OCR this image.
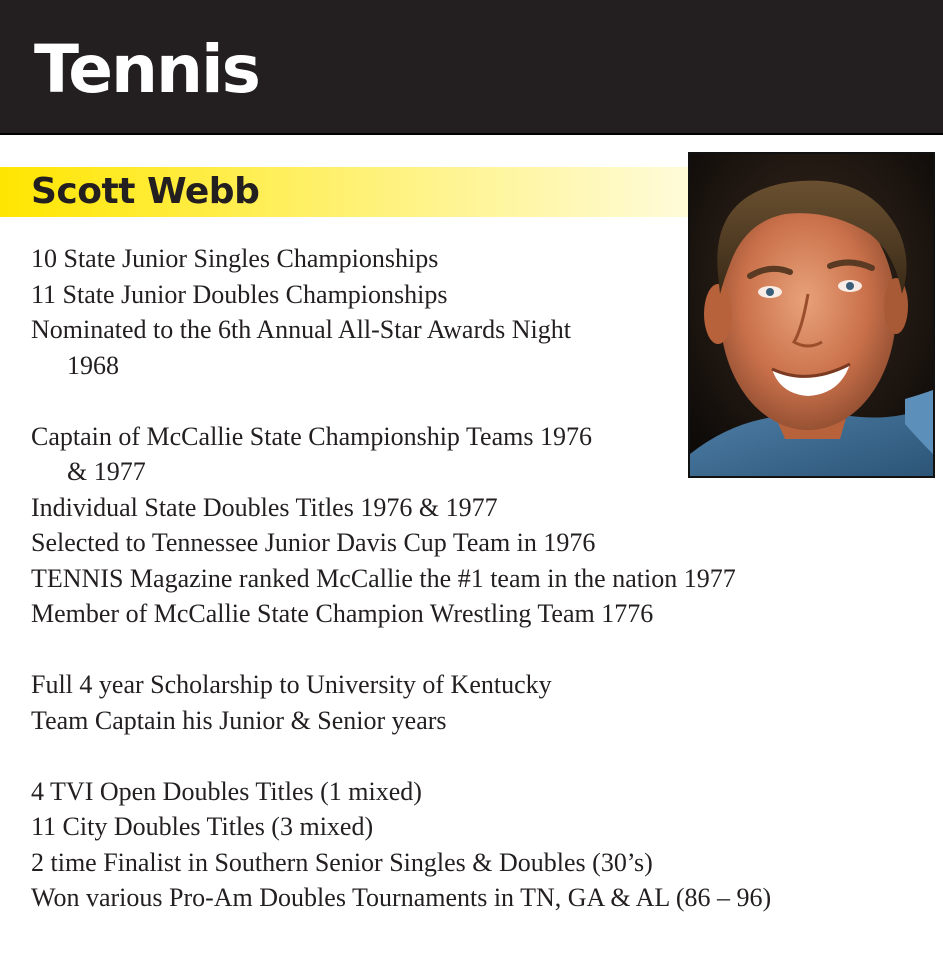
Tennis
Scott Webb
10 State Junior Singles Championships
11 State Junior Doubles Championships
Nominated to the 6th Annual All-Star Awards Night
1968
Captain of McCallie State Championship Teams 1976
& 1977
Individual State Doubles Titles 1976 & 1977
Selected to Tennessee Junior Davis Cup Team in 1976
TENNIS Magazine ranked McCallie the #1 team in the nation 1977
Member of McCallie State Champion Wrestling Team 1776
Full 4 year Scholarship to University of Kentucky
Team Captain his Junior & Senior years
4 TVI Open Doubles Titles (1 mixed)
11 City Doubles Titles (3 mixed)
2 time Finalist in Southern Senior Singles & Doubles (30’s)
Won various Pro-Am Doubles Tournaments in TN, GA & AL (86 – 96)
